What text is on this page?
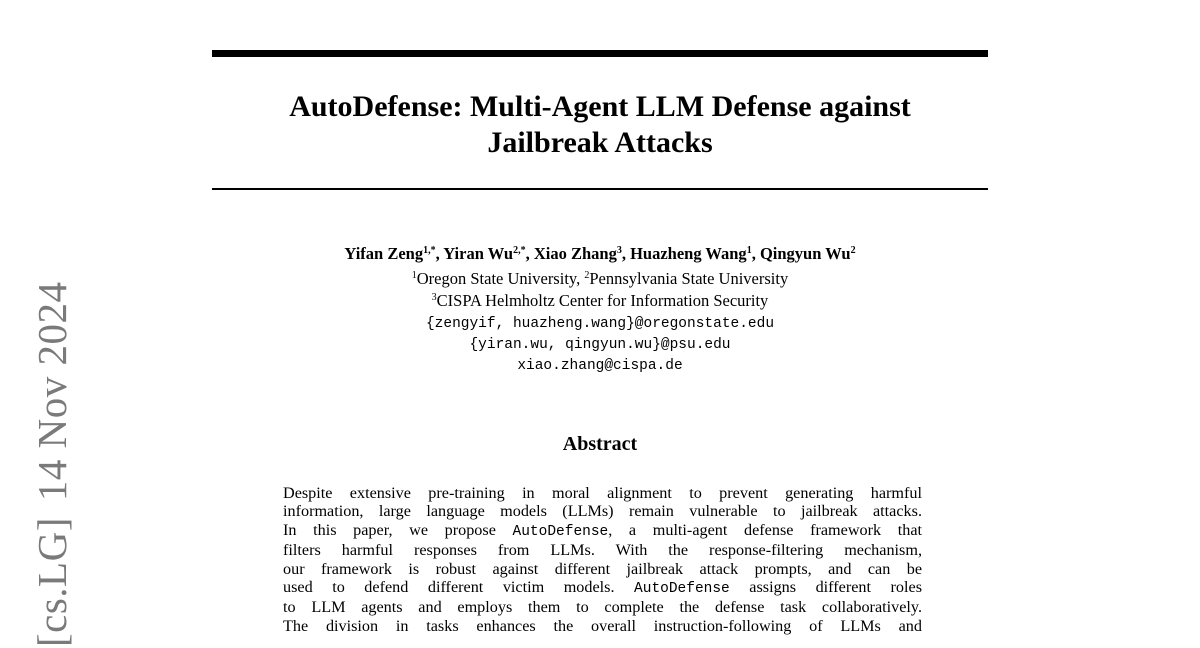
[cs.LG]14 Nov 2024
AutoDefense: Multi-Agent LLM Defense against
Jailbreak Attacks
Yifan Zeng$^{1,*}$, Yiran $Wu^{2,*}$, Xiao Zhang$^3$, Huazheng Wang$^1$, Qingyun Wu$^2$
$^1$Oregon State University, $^2$Pennsylvania State University
$^3$CISPA Helmholtz Center for Information Security
{zengyif, huazheng.wang}@oregonstate.edu
{yiran.wu, qingyun.wu}@psu.edu
xiao.zhang@cispa.de
Abstract
Despite extensive pre-training in moral alignment to prevent generating harmful
information, large language models (LLMs) remain vulnerable to jailbreak attacks.
In this paper, we propose AutoDefense, a multi-agent defense framework that
filters harmful responses from LLMs. With the response-filtering mechanism,
our framework is robust against different jailbreak attack prompts, and can be
used to defend different victim models. AutoDefense assigns different roles
to LLM agents and employs them to complete the defense task collaboratively.
The division in tasks enhances the overall instruction-following of LLMs and
